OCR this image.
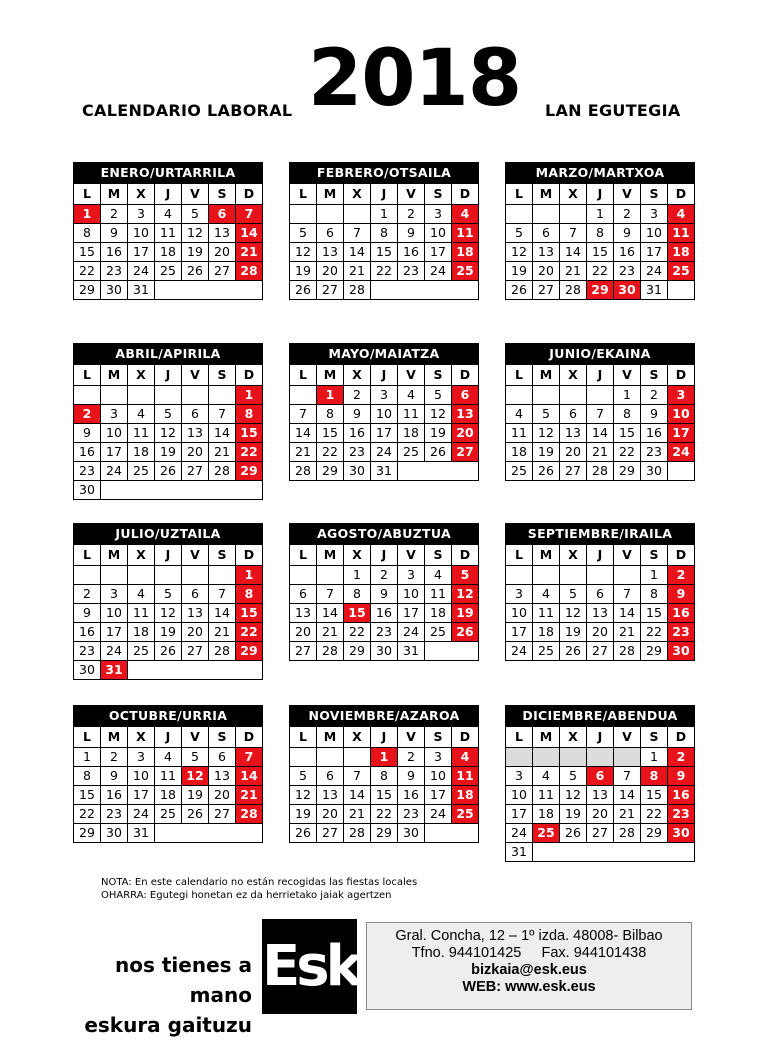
CALENDARIO LABORAL 2018 LAN EGUTEGIA
ENERO/URTARRILA
L	M	X	J	V	S	D
1	2	3	4	5	6	7
8	9	10	11	12	13	14
15	16	17	18	19	20	21
22	23	24	25	26	27	28
29	30	31				
FEBRERO/OTSAILA
L	M	X	J	V	S	D
			1	2	3	4
5	6	7	8	9	10	11
12	13	14	15	16	17	18
19	20	21	22	23	24	25
26	27	28				
MARZO/MARTXOA
L	M	X	J	V	S	D
			1	2	3	4
5	6	7	8	9	10	11
12	13	14	15	16	17	18
19	20	21	22	23	24	25
26	27	28	29	30	31	
ABRIL/APIRILA
L	M	X	J	V	S	D
						1
2	3	4	5	6	7	8
9	10	11	12	13	14	15
16	17	18	19	20	21	22
23	24	25	26	27	28	29
30						
MAYO/MAIATZA
L	M	X	J	V	S	D
	1	2	3	4	5	6
7	8	9	10	11	12	13
14	15	16	17	18	19	20
21	22	23	24	25	26	27
28	29	30	31			
JUNIO/EKAINA
L	M	X	J	V	S	D
				1	2	3
4	5	6	7	8	9	10
11	12	13	14	15	16	17
18	19	20	21	22	23	24
25	26	27	28	29	30	
JULIO/UZTAILA
L	M	X	J	V	S	D
						1
2	3	4	5	6	7	8
9	10	11	12	13	14	15
16	17	18	19	20	21	22
23	24	25	26	27	28	29
30	31					
AGOSTO/ABUZTUA
L	M	X	J	V	S	D
		1	2	3	4	5
6	7	8	9	10	11	12
13	14	15	16	17	18	19
20	21	22	23	24	25	26
27	28	29	30	31		
SEPTIEMBRE/IRAILA
L	M	X	J	V	S	D
					1	2
3	4	5	6	7	8	9
10	11	12	13	14	15	16
17	18	19	20	21	22	23
24	25	26	27	28	29	30
OCTUBRE/URRIA
L	M	X	J	V	S	D
1	2	3	4	5	6	7
8	9	10	11	12	13	14
15	16	17	18	19	20	21
22	23	24	25	26	27	28
29	30	31				
NOVIEMBRE/AZAROA
L	M	X	J	V	S	D
			1	2	3	4
5	6	7	8	9	10	11
12	13	14	15	16	17	18
19	20	21	22	23	24	25
26	27	28	29	30		
DICIEMBRE/ABENDUA
L	M	X	J	V	S	D
					1	2
3	4	5	6	7	8	9
10	11	12	13	14	15	16
17	18	19	20	21	22	23
24	25	26	27	28	29	30
31						
NOTA: En este calendario no están recogidas las fiestas locales
OHARRA: Egutegi honetan ez da herrietako jaiak agertzen
nos tienes a mano
eskura gaituzu
Esk	Gral. Concha, 12 – 1º izda. 48008- Bilbao
Tfno. 944101425     Fax. 944101438
bizkaia@esk.eus
WEB: www.esk.eus
